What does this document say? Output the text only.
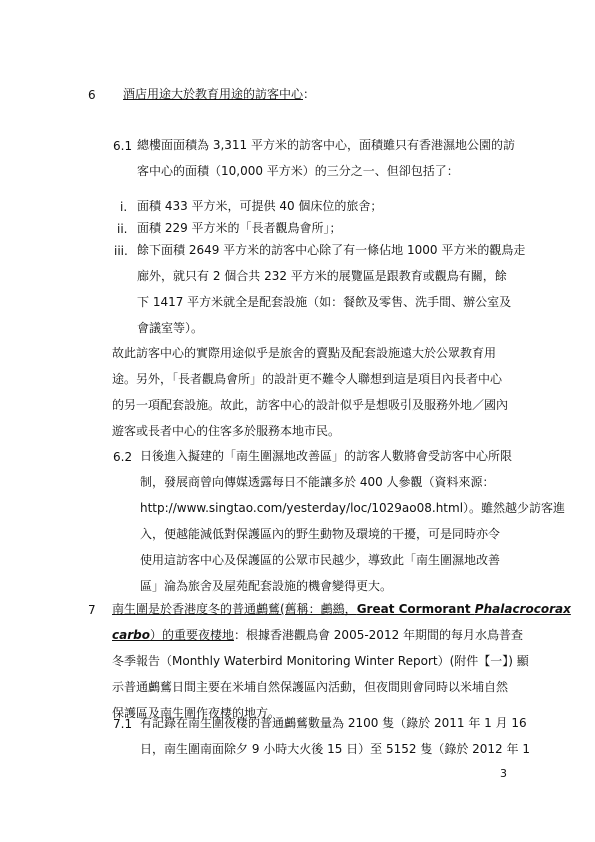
6 酒店用途大於教育用途的訪客中心：
6.1 總樓面面積為 3,311 平方米的訪客中心，面積雖只有香港濕地公園的訪
客中心的面積（10,000 平方米）的三分之一、但卻包括了：
i. 面積 433 平方米，可提供 40 個床位的旅舍；
ii. 面積 229 平方米的「長者觀鳥會所」；
iii. 餘下面積 2649 平方米的訪客中心除了有一條佔地 1000 平方米的觀鳥走
廊外，就只有 2 個合共 232 平方米的展覽區是跟教育或觀鳥有關，餘
下 1417 平方米就全是配套設施（如：餐飲及零售、洗手間、辦公室及
會議室等）。
故此訪客中心的實際用途似乎是旅舍的賣點及配套設施遠大於公眾教育用
途。另外，「長者觀鳥會所」的設計更不難令人聯想到這是項目內長者中心
的另一項配套設施。故此，訪客中心的設計似乎是想吸引及服務外地／國內
遊客或長者中心的住客多於服務本地市民。
6.2 日後進入擬建的「南生圍濕地改善區」的訪客人數將會受訪客中心所限
制，發展商曾向傳媒透露每日不能讓多於 400 人參觀（資料來源：
http://www.singtao.com/yesterday/loc/1029ao08.html）。雖然越少訪客進
入，便越能減低對保護區內的野生動物及環境的干擾，可是同時亦令
使用這訪客中心及保護區的公眾市民越少，導致此「南生圍濕地改善
區」淪為旅舍及屋苑配套設施的機會變得更大。
7 南生圍是於香港度冬的普通鸕鶿(舊稱：鸕鷀，Great Cormorant Phalacrocorax
carbo）的重要夜棲地：根據香港觀鳥會 2005-2012 年期間的每月水鳥普查
冬季報告（Monthly Waterbird Monitoring Winter Report）(附件【一】) 顯
示普通鸕鶿日間主要在米埔自然保護區內活動，但夜間則會同時以米埔自然
保護區及南生圍作夜棲的地方。
7.1 有記錄在南生圍夜棲的普通鸕鶿數量為 2100 隻（錄於 2011 年 1 月 16
日，南生圍南面除夕 9 小時大火後 15 日）至 5152 隻（錄於 2012 年 1
3
